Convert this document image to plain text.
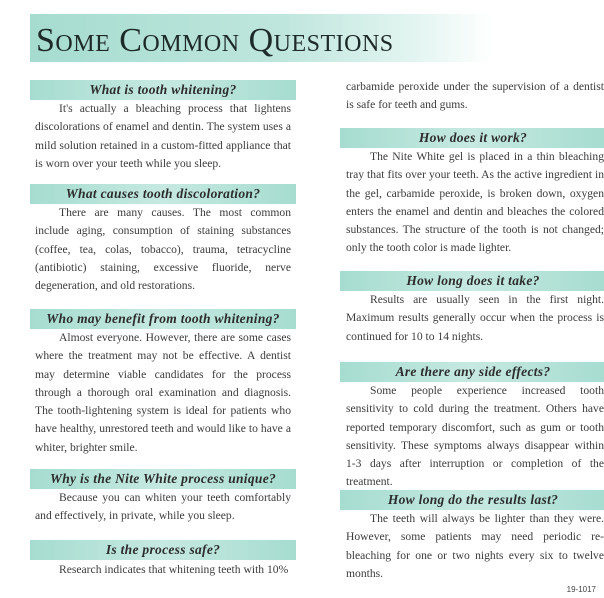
Some Common Questions
What is tooth whitening?

It's actually a bleaching process that lightens discolorations of enamel and dentin. The system uses a mild solution retained in a custom-fitted appliance that is worn over your teeth while you sleep.

What causes tooth discoloration?

There are many causes. The most common include aging, consumption of staining substances (coffee, tea, colas, tobacco), trauma, tetracycline (antibiotic) staining, excessive fluoride, nerve degeneration, and old restorations.

Who may benefit from tooth whitening?

Almost everyone. However, there are some cases where the treatment may not be effective. A dentist may determine viable candidates for the process through a thorough oral examination and diagnosis. The tooth-lightening system is ideal for patients who have healthy, unrestored teeth and would like to have a whiter, brighter smile.

Why is the Nite White process unique?

Because you can whiten your teeth comfortably and effectively, in private, while you sleep.

Is the process safe?

Research indicates that whitening teeth with 10%

carbamide peroxide under the supervision of a dentist is safe for teeth and gums.

How does it work?

The Nite White gel is placed in a thin bleaching tray that fits over your teeth. As the active ingredient in the gel, carbamide peroxide, is broken down, oxygen enters the enamel and dentin and bleaches the colored substances. The structure of the tooth is not changed; only the tooth color is made lighter.

How long does it take?

Results are usually seen in the first night. Maximum results generally occur when the process is continued for 10 to 14 nights.

Are there any side effects?

Some people experience increased tooth sensitivity to cold during the treatment. Others have reported temporary discomfort, such as gum or tooth sensitivity. These symptoms always disappear within 1-3 days after interruption or completion of the treatment.

How long do the results last?

The teeth will always be lighter than they were. However, some patients may need periodic re-bleaching for one or two nights every six to twelve months.

19-1017
